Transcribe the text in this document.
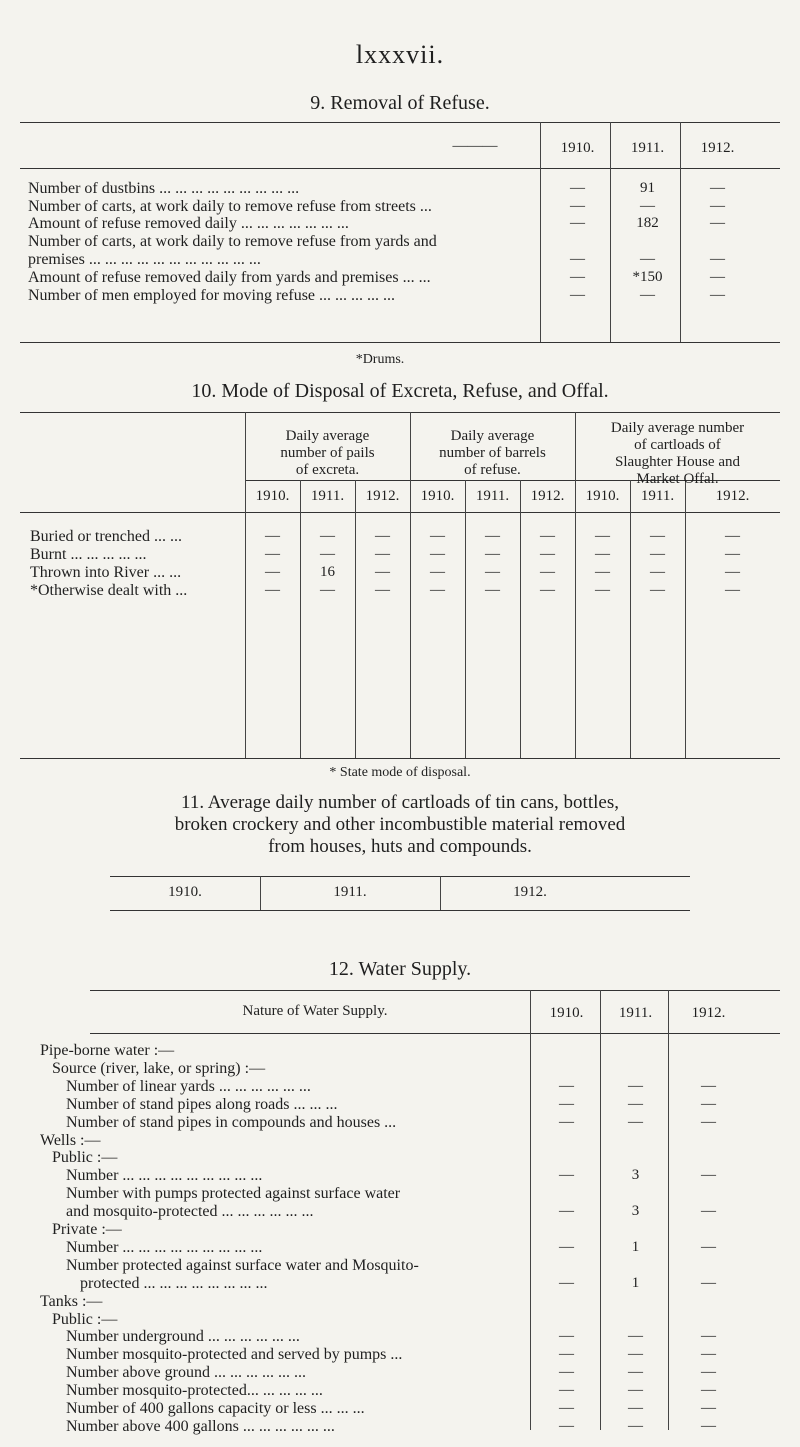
lxxxvii.
9. Removal of Refuse.
———	1910.	1911.	1912.
Number of dustbins ... ... ... ... ... ... ... ... ...	—	91	—
Number of carts, at work daily to remove refuse from streets ...	—	—	—
Amount of refuse removed daily ... ... ... ... ... ... ...	—	182	—
Number of carts, at work daily to remove refuse from yards and
premises ... ... ... ... ... ... ... ... ... ... ...	—	—	—
Amount of refuse removed daily from yards and premises ... ...	—	*150	—
Number of men employed for moving refuse ... ... ... ... ...	—	—	—
*Drums.
10. Mode of Disposal of Excreta, Refuse, and Offal.
Daily average
number of pails
of excreta.
Daily average
number of barrels
of refuse.
Daily average number
of cartloads of
Slaughter House and
Market Offal.
1910.	1911.	1912.	1910.	1911.	1912.	1910.	1911.	1912.
Buried or trenched ... ...	—	—	—	—	—	—	—	—	—
Burnt ... ... ... ... ...	—	—	—	—	—	—	—	—	—
Thrown into River ... ...	—	16	—	—	—	—	—	—	—
*Otherwise dealt with ...	—	—	—	—	—	—	—	—	—
* State mode of disposal.
11. Average daily number of cartloads of tin cans, bottles,
broken crockery and other incombustible material removed
from houses, huts and compounds.
1910.	1911.	1912.
12. Water Supply.
Nature of Water Supply.	1910.	1911.	1912.
Pipe-borne water :—
Source (river, lake, or spring) :—
Number of linear yards ... ... ... ... ... ...	—	—	—
Number of stand pipes along roads ... ... ...	—	—	—
Number of stand pipes in compounds and houses ...	—	—	—
Wells :—
Public :—
Number ... ... ... ... ... ... ... ... ...	—	3	—
Number with pumps protected against surface water
and mosquito-protected ... ... ... ... ... ...	—	3	—
Private :—
Number ... ... ... ... ... ... ... ... ...	—	1	—
Number protected against surface water and Mosquito-
protected ... ... ... ... ... ... ... ...	—	1	—
Tanks :—
Public :—
Number underground ... ... ... ... ... ...	—	—	—
Number mosquito-protected and served by pumps ...	—	—	—
Number above ground ... ... ... ... ... ...	—	—	—
Number mosquito-protected... ... ... ... ...	—	—	—
Number of 400 gallons capacity or less ... ... ...	—	—	—
Number above 400 gallons ... ... ... ... ... ...	—	—	—
